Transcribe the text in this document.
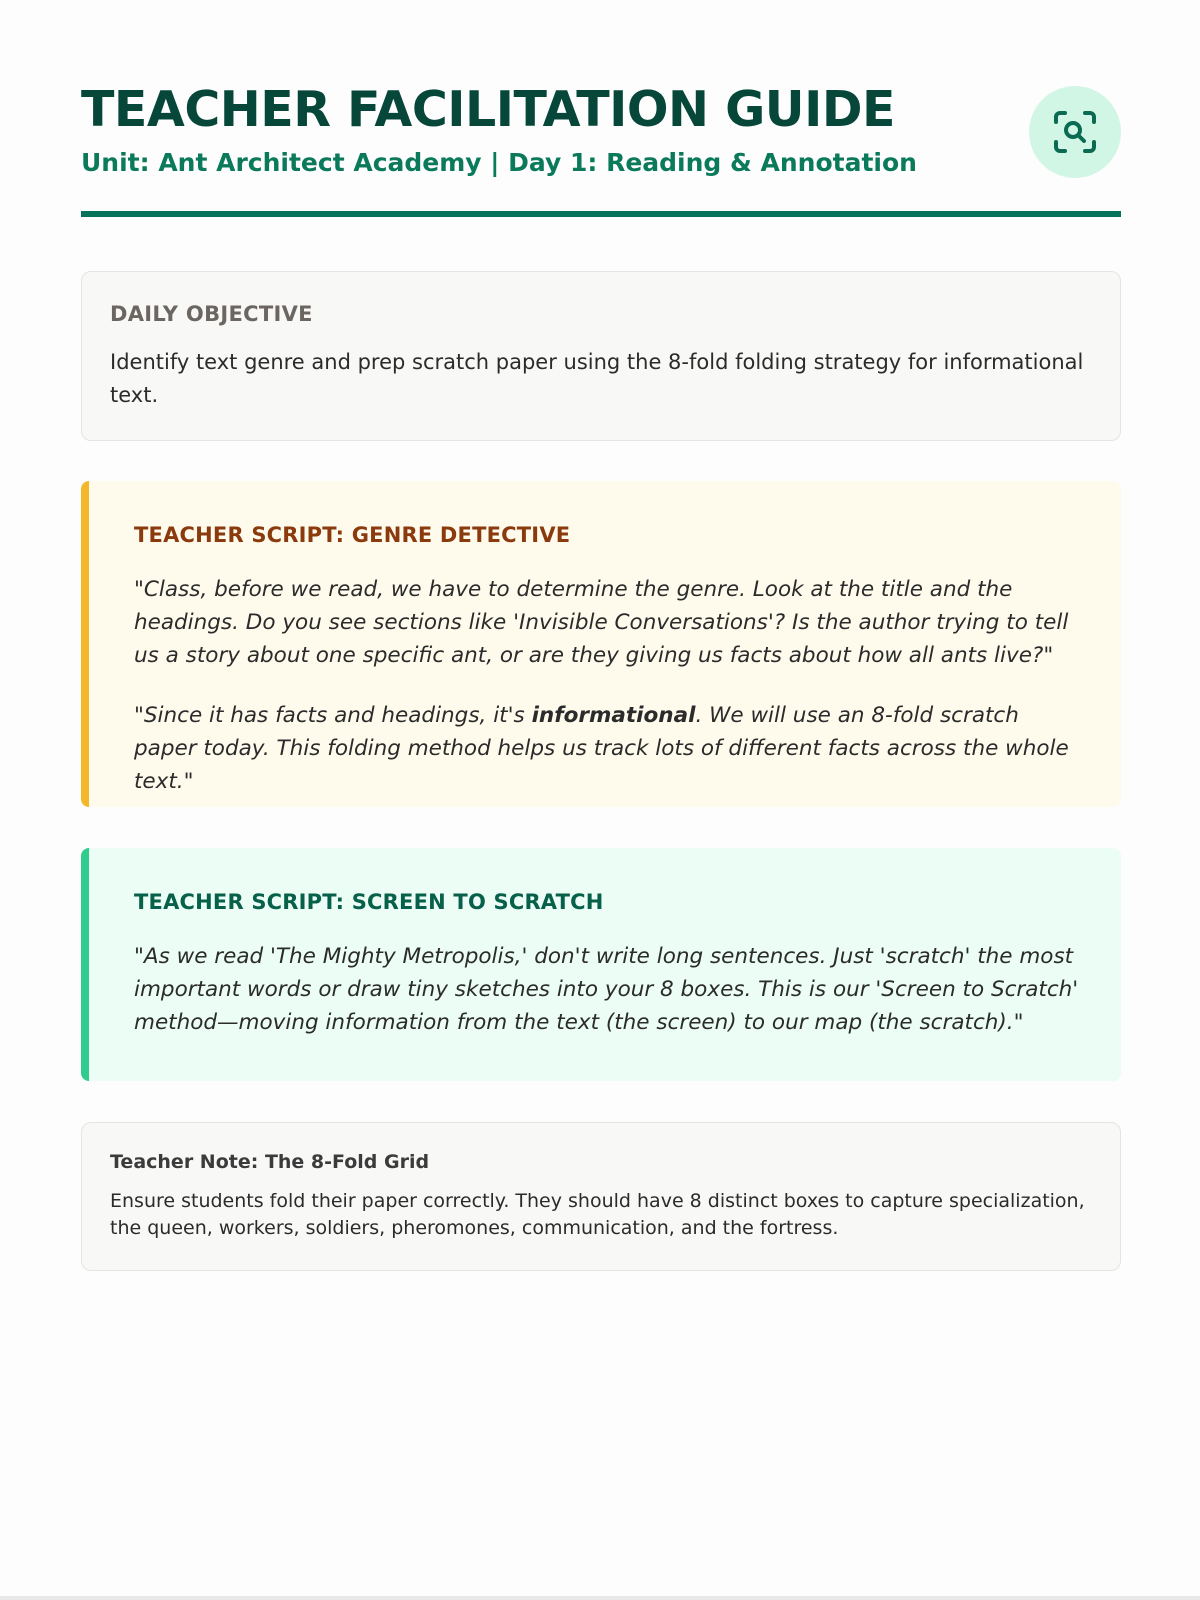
TEACHER FACILITATION GUIDE
Unit: Ant Architect Academy | Day 1: Reading & Annotation
DAILY OBJECTIVE

Identify text genre and prep scratch paper using the 8-fold folding strategy for informational text.

TEACHER SCRIPT: GENRE DETECTIVE

"Class, before we read, we have to determine the genre. Look at the title and the headings. Do you see sections like 'Invisible Conversations'? Is the author trying to tell us a story about one specific ant, or are they giving us facts about how all ants live?"

"Since it has facts and headings, it's informational. We will use an 8-fold scratch paper today. This folding method helps us track lots of different facts across the whole text."

TEACHER SCRIPT: SCREEN TO SCRATCH

"As we read 'The Mighty Metropolis,' don't write long sentences. Just 'scratch' the most important words or draw tiny sketches into your 8 boxes. This is our 'Screen to Scratch' method—moving information from the text (the screen) to our map (the scratch)."

Teacher Note: The 8-Fold Grid

Ensure students fold their paper correctly. They should have 8 distinct boxes to capture specialization, the queen, workers, soldiers, pheromones, communication, and the fortress.
